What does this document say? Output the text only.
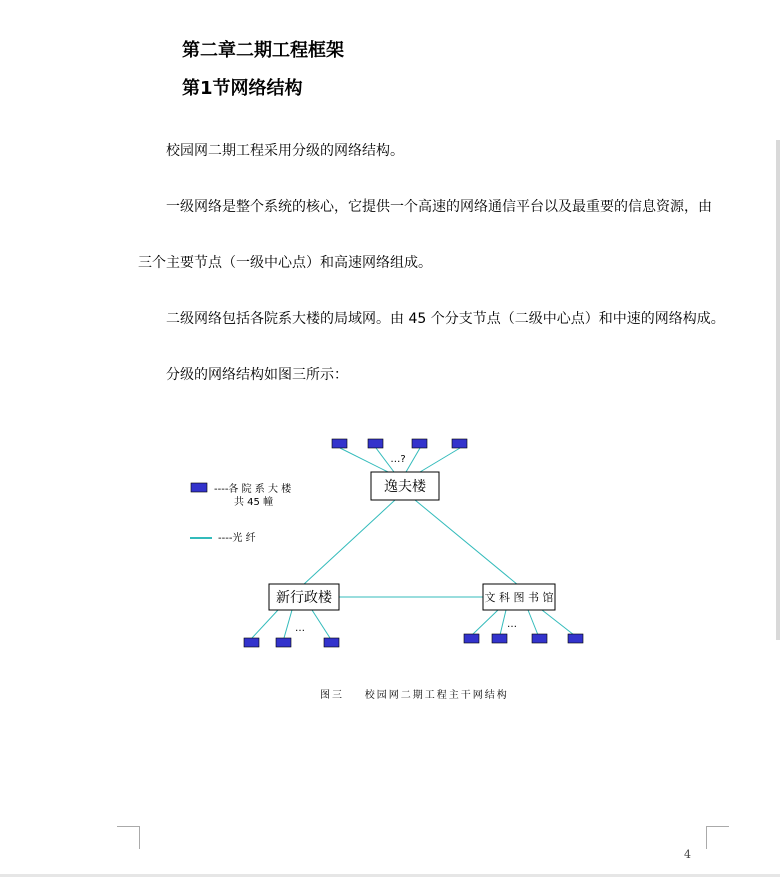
第二章二期工程框架
第1节网络结构
校园网二期工程采用分级的网络结构。
一级网络是整个系统的核心，它提供一个高速的网络通信平台以及最重要的信息资源，由
三个主要节点（一级中心点）和高速网络组成。
二级网络包括各院系大楼的局域网。由 45 个分支节点（二级中心点）和中速的网络构成。
分级的网络结构如图三所示：
逸夫楼
新行政楼	文 科 图 书 馆
…?
…	…
----各 院 系 大 楼
共 45 幢
----光 纤
图三    校园网二期工程主干网结构
4
